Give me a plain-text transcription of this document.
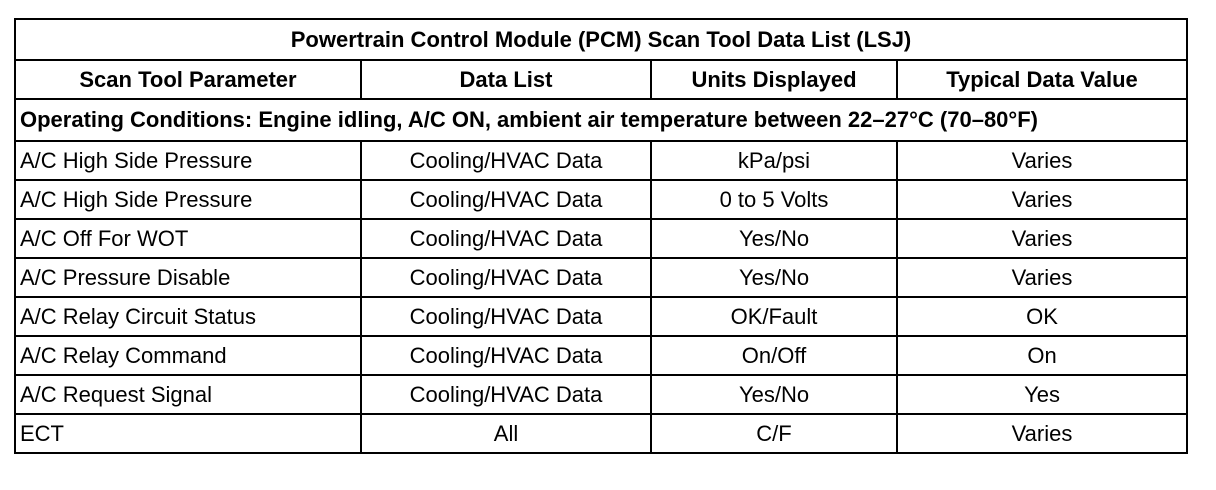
Powertrain Control Module (PCM) Scan Tool Data List (LSJ)			
Scan Tool Parameter	Data List	Units Displayed	Typical Data Value
Operating Conditions: Engine idling, A/C ON, ambient air temperature between 22–27°C (70–80°F)			
A/C High Side Pressure	Cooling/HVAC Data	kPa/psi	Varies
A/C High Side Pressure	Cooling/HVAC Data	0 to 5 Volts	Varies
A/C Off For WOT	Cooling/HVAC Data	Yes/No	Varies
A/C Pressure Disable	Cooling/HVAC Data	Yes/No	Varies
A/C Relay Circuit Status	Cooling/HVAC Data	OK/Fault	OK
A/C Relay Command	Cooling/HVAC Data	On/Off	On
A/C Request Signal	Cooling/HVAC Data	Yes/No	Yes
ECT	All	C/F	Varies
